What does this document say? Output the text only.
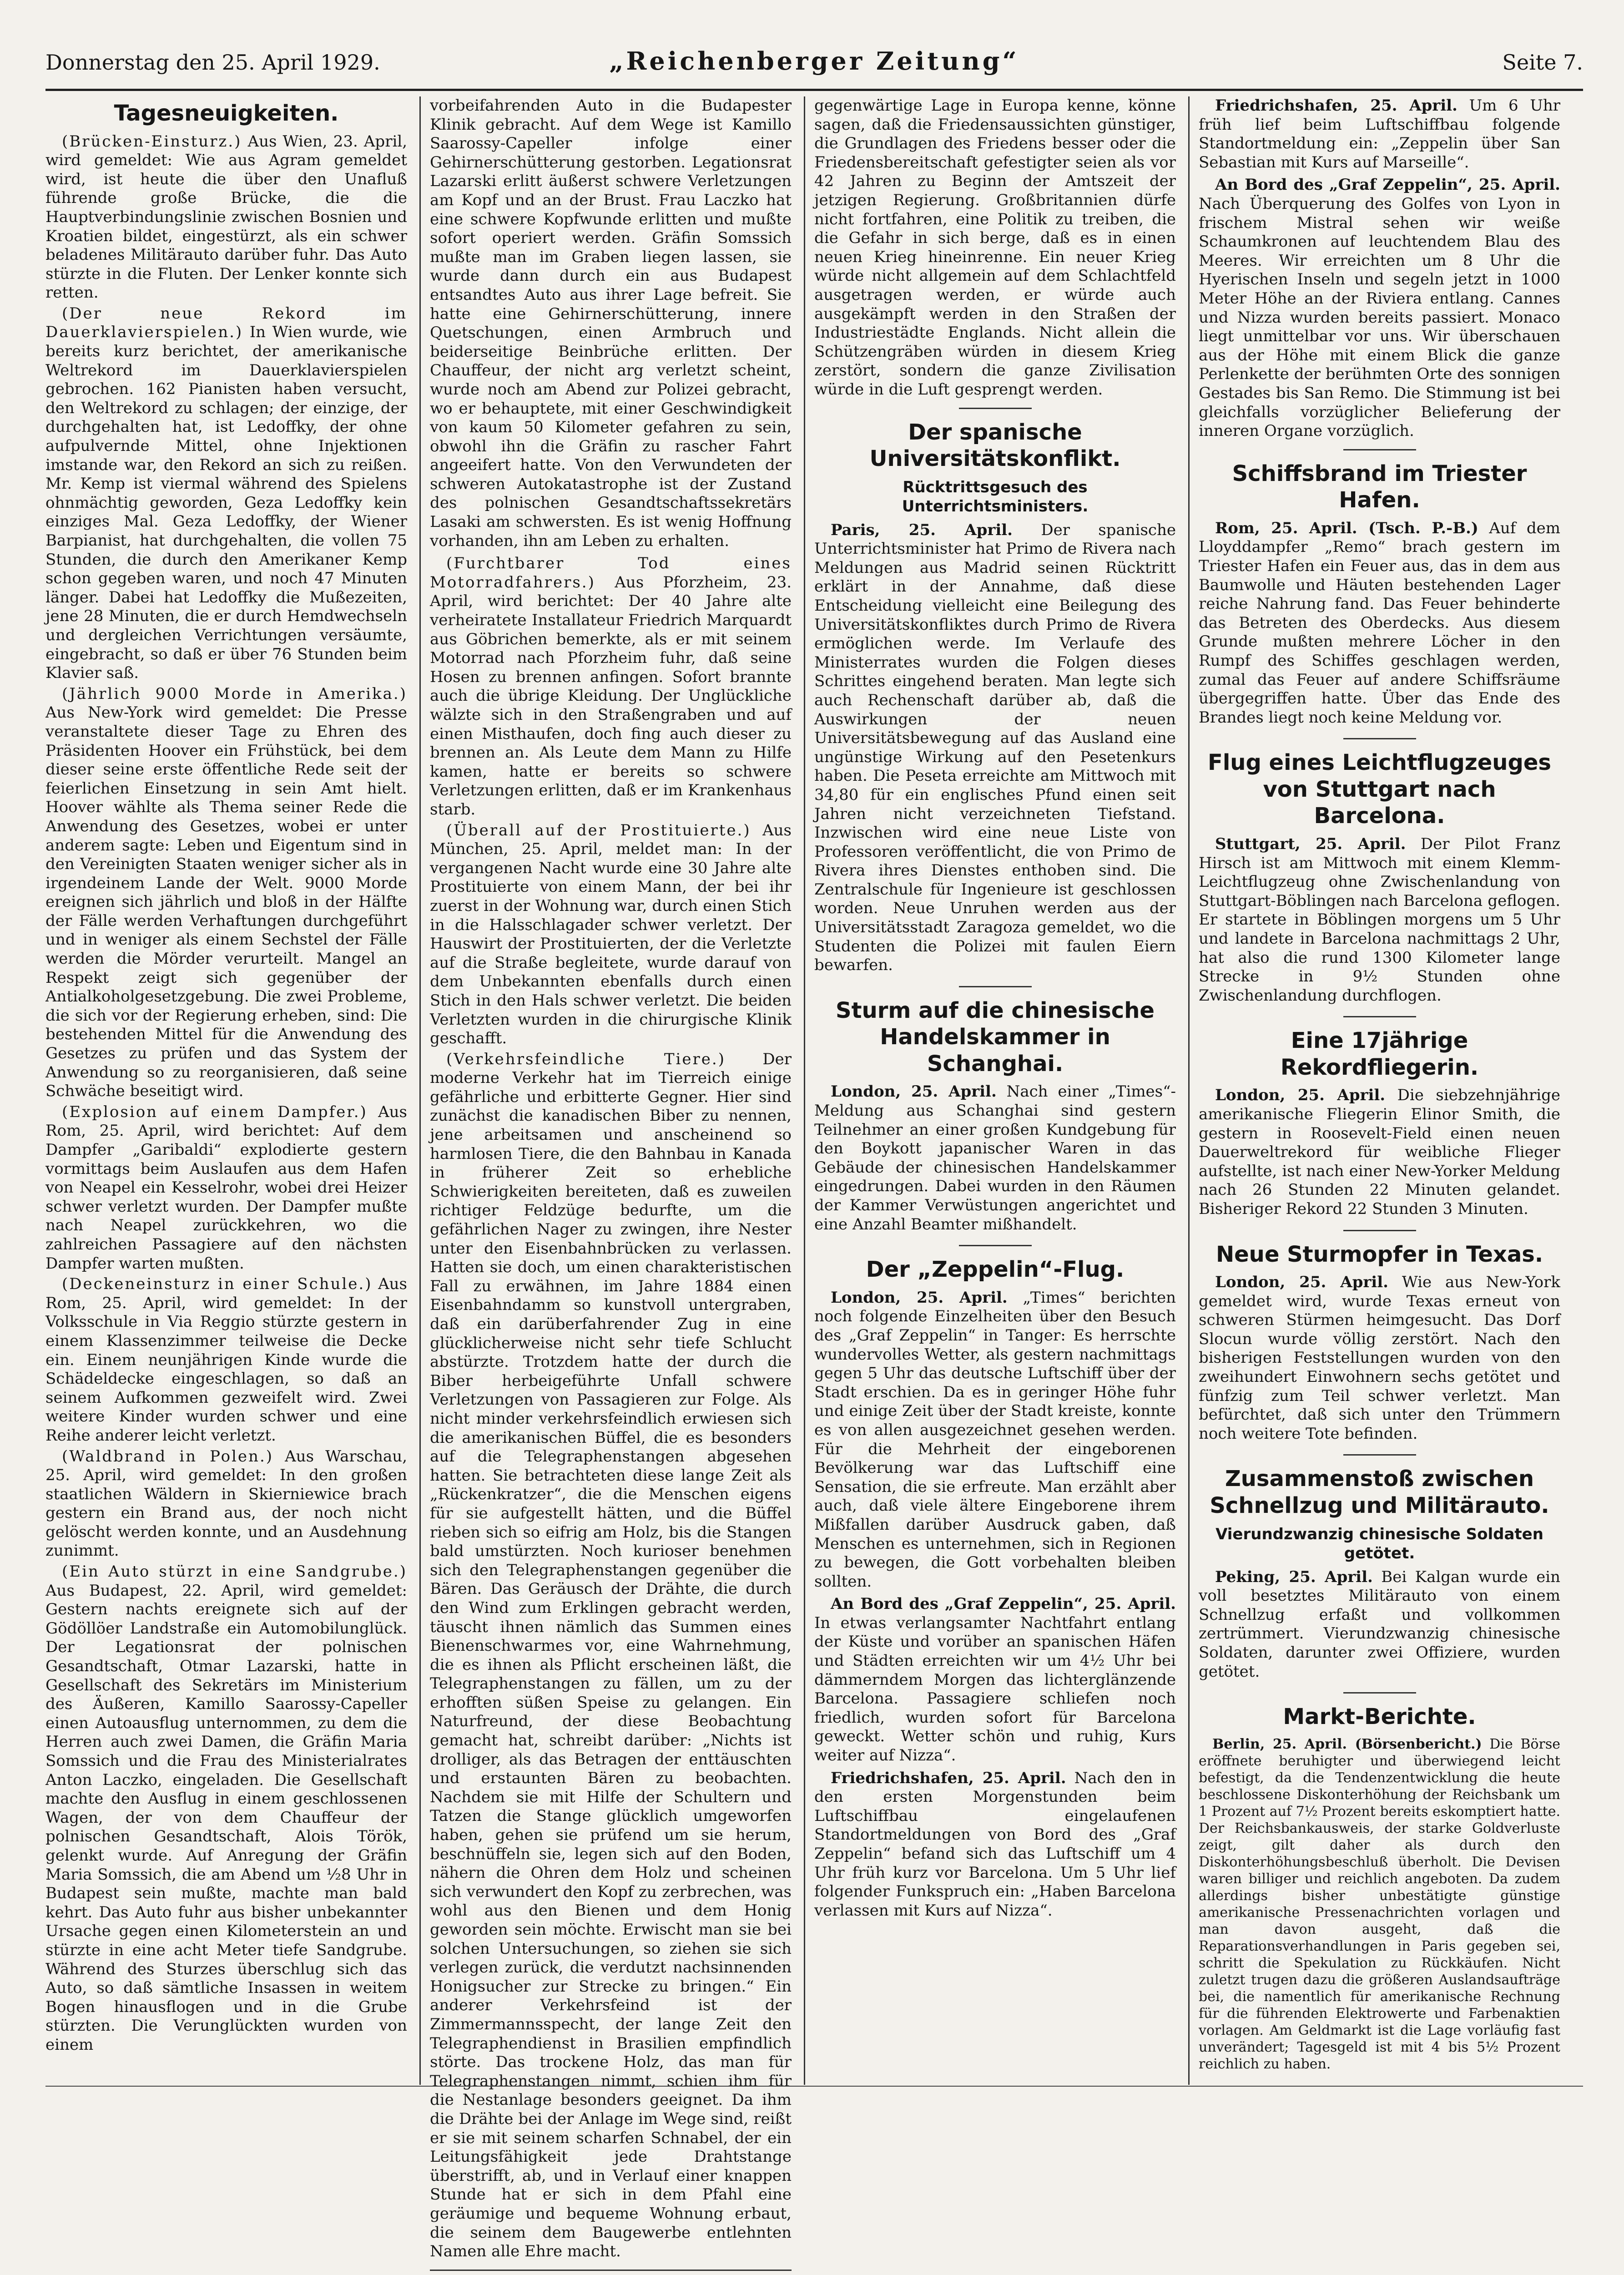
Donnerstag den 25. April 1929.	„Reichenberger Zeitung“	Seite 7.
Tagesneuigkeiten.

(Brücken-Einsturz.) Aus Wien, 23. April, wird gemeldet: Wie aus Agram gemeldet wird, ist heute die über den Unafluß führende große Brücke, die die Hauptverbindungslinie zwischen Bosnien und Kroatien bildet, eingestürzt, als ein schwer beladenes Militärauto darüber fuhr. Das Auto stürzte in die Fluten. Der Lenker konnte sich retten.

(Der neue Rekord im Dauerklavierspielen.) In Wien wurde, wie bereits kurz berichtet, der amerikanische Weltrekord im Dauerklavierspielen gebrochen. 162 Pianisten haben versucht, den Weltrekord zu schlagen; der einzige, der durchgehalten hat, ist Ledoffky, der ohne aufpulvernde Mittel, ohne Injektionen imstande war, den Rekord an sich zu reißen. Mr. Kemp ist viermal während des Spielens ohnmächtig geworden, Geza Ledoffky kein einziges Mal. Geza Ledoffky, der Wiener Barpianist, hat durchgehalten, die vollen 75 Stunden, die durch den Amerikaner Kemp schon gegeben waren, und noch 47 Minuten länger. Dabei hat Ledoffky die Mußezeiten, jene 28 Minuten, die er durch Hemdwechseln und dergleichen Verrichtungen versäumte, eingebracht, so daß er über 76 Stunden beim Klavier saß.

(Jährlich 9000 Morde in Amerika.) Aus New-York wird gemeldet: Die Presse veranstaltete dieser Tage zu Ehren des Präsidenten Hoover ein Frühstück, bei dem dieser seine erste öffentliche Rede seit der feierlichen Einsetzung in sein Amt hielt. Hoover wählte als Thema seiner Rede die Anwendung des Gesetzes, wobei er unter anderem sagte: Leben und Eigentum sind in den Vereinigten Staaten weniger sicher als in irgendeinem Lande der Welt. 9000 Morde ereignen sich jährlich und bloß in der Hälfte der Fälle werden Verhaftungen durchgeführt und in weniger als einem Sechstel der Fälle werden die Mörder verurteilt. Mangel an Respekt zeigt sich gegenüber der Antialkoholgesetzgebung. Die zwei Probleme, die sich vor der Regierung erheben, sind: Die bestehenden Mittel für die Anwendung des Gesetzes zu prüfen und das System der Anwendung so zu reorganisieren, daß seine Schwäche beseitigt wird.

(Explosion auf einem Dampfer.) Aus Rom, 25. April, wird berichtet: Auf dem Dampfer „Garibaldi“ explodierte gestern vormittags beim Auslaufen aus dem Hafen von Neapel ein Kesselrohr, wobei drei Heizer schwer verletzt wurden. Der Dampfer mußte nach Neapel zurückkehren, wo die zahlreichen Passagiere auf den nächsten Dampfer warten mußten.

(Deckeneinsturz in einer Schule.) Aus Rom, 25. April, wird gemeldet: In der Volksschule in Via Reggio stürzte gestern in einem Klassenzimmer teilweise die Decke ein. Einem neunjährigen Kinde wurde die Schädeldecke eingeschlagen, so daß an seinem Aufkommen gezweifelt wird. Zwei weitere Kinder wurden schwer und eine Reihe anderer leicht verletzt.

(Waldbrand in Polen.) Aus Warschau, 25. April, wird gemeldet: In den großen staatlichen Wäldern in Skierniewice brach gestern ein Brand aus, der noch nicht gelöscht werden konnte, und an Ausdehnung zunimmt.

(Ein Auto stürzt in eine Sandgrube.) Aus Budapest, 22. April, wird gemeldet: Gestern nachts ereignete sich auf der Gödöllöer Landstraße ein Automobilunglück. Der Legationsrat der polnischen Gesandtschaft, Otmar Lazarski, hatte in Gesellschaft des Sekretärs im Ministerium des Äußeren, Kamillo Saarossy-Capeller einen Autoausflug unternommen, zu dem die Herren auch zwei Damen, die Gräfin Maria Somssich und die Frau des Ministerialrates Anton Laczko, eingeladen. Die Gesellschaft machte den Ausflug in einem geschlossenen Wagen, der von dem Chauffeur der polnischen Gesandtschaft, Alois Török, gelenkt wurde. Auf Anregung der Gräfin Maria Somssich, die am Abend um ½8 Uhr in Budapest sein mußte, machte man bald kehrt. Das Auto fuhr aus bisher unbekannter Ursache gegen einen Kilometerstein an und stürzte in eine acht Meter tiefe Sandgrube. Während des Sturzes überschlug sich das Auto, so daß sämtliche Insassen in weitem Bogen hinausflogen und in die Grube stürzten. Die Verunglückten wurden von einem

vorbeifahrenden Auto in die Budapester Klinik gebracht. Auf dem Wege ist Kamillo Saarossy-Capeller infolge einer Gehirnerschütterung gestorben. Legationsrat Lazarski erlitt äußerst schwere Verletzungen am Kopf und an der Brust. Frau Laczko hat eine schwere Kopfwunde erlitten und mußte sofort operiert werden. Gräfin Somssich mußte man im Graben liegen lassen, sie wurde dann durch ein aus Budapest entsandtes Auto aus ihrer Lage befreit. Sie hatte eine Gehirnerschütterung, innere Quetschungen, einen Armbruch und beiderseitige Beinbrüche erlitten. Der Chauffeur, der nicht arg verletzt scheint, wurde noch am Abend zur Polizei gebracht, wo er behauptete, mit einer Geschwindigkeit von kaum 50 Kilometer gefahren zu sein, obwohl ihn die Gräfin zu rascher Fahrt angeeifert hatte. Von den Verwundeten der schweren Autokatastrophe ist der Zustand des polnischen Gesandtschaftssekretärs Lasaki am schwersten. Es ist wenig Hoffnung vorhanden, ihn am Leben zu erhalten.

(Furchtbarer Tod eines Motorradfahrers.) Aus Pforzheim, 23. April, wird berichtet: Der 40 Jahre alte verheiratete Installateur Friedrich Marquardt aus Göbrichen bemerkte, als er mit seinem Motorrad nach Pforzheim fuhr, daß seine Hosen zu brennen anfingen. Sofort brannte auch die übrige Kleidung. Der Unglückliche wälzte sich in den Straßengraben und auf einen Misthaufen, doch fing auch dieser zu brennen an. Als Leute dem Mann zu Hilfe kamen, hatte er bereits so schwere Verletzungen erlitten, daß er im Krankenhaus starb.

(Überall auf der Prostituierte.) Aus München, 25. April, meldet man: In der vergangenen Nacht wurde eine 30 Jahre alte Prostituierte von einem Mann, der bei ihr zuerst in der Wohnung war, durch einen Stich in die Halsschlagader schwer verletzt. Der Hauswirt der Prostituierten, der die Verletzte auf die Straße begleitete, wurde darauf von dem Unbekannten ebenfalls durch einen Stich in den Hals schwer verletzt. Die beiden Verletzten wurden in die chirurgische Klinik geschafft.

(Verkehrsfeindliche Tiere.) Der moderne Verkehr hat im Tierreich einige gefährliche und erbitterte Gegner. Hier sind zunächst die kanadischen Biber zu nennen, jene arbeitsamen und anscheinend so harmlosen Tiere, die den Bahnbau in Kanada in früherer Zeit so erhebliche Schwierigkeiten bereiteten, daß es zuweilen richtiger Feldzüge bedurfte, um die gefährlichen Nager zu zwingen, ihre Nester unter den Eisenbahnbrücken zu verlassen. Hatten sie doch, um einen charakteristischen Fall zu erwähnen, im Jahre 1884 einen Eisenbahndamm so kunstvoll untergraben, daß ein darüberfahrender Zug in eine glücklicherweise nicht sehr tiefe Schlucht abstürzte. Trotzdem hatte der durch die Biber herbeigeführte Unfall schwere Verletzungen von Passagieren zur Folge. Als nicht minder verkehrsfeindlich erwiesen sich die amerikanischen Büffel, die es besonders auf die Telegraphenstangen abgesehen hatten. Sie betrachteten diese lange Zeit als „Rückenkratzer“, die die Menschen eigens für sie aufgestellt hätten, und die Büffel rieben sich so eifrig am Holz, bis die Stangen bald umstürzten. Noch kurioser benehmen sich den Telegraphenstangen gegenüber die Bären. Das Geräusch der Drähte, die durch den Wind zum Erklingen gebracht werden, täuscht ihnen nämlich das Summen eines Bienenschwarmes vor, eine Wahrnehmung, die es ihnen als Pflicht erscheinen läßt, die Telegraphenstangen zu fällen, um zu der erhofften süßen Speise zu gelangen. Ein Naturfreund, der diese Beobachtung gemacht hat, schreibt darüber: „Nichts ist drolliger, als das Betragen der enttäuschten und erstaunten Bären zu beobachten. Nachdem sie mit Hilfe der Schultern und Tatzen die Stange glücklich umgeworfen haben, gehen sie prüfend um sie herum, beschnüffeln sie, legen sich auf den Boden, nähern die Ohren dem Holz und scheinen sich verwundert den Kopf zu zerbrechen, was wohl aus den Bienen und dem Honig geworden sein möchte. Erwischt man sie bei solchen Untersuchungen, so ziehen sie sich verlegen zurück, die verdutzt nachsinnenden Honigsucher zur Strecke zu bringen.“ Ein anderer Verkehrsfeind ist der Zimmermannsspecht, der lange Zeit den Telegraphendienst in Brasilien empfindlich störte. Das trockene Holz, das man für Telegraphenstangen nimmt, schien ihm für die Nestanlage besonders geeignet. Da ihm die Drähte bei der Anlage im Wege sind, reißt er sie mit seinem scharfen Schnabel, der ein Leitungsfähigkeit jede Drahtstange überstrifft, ab, und in Verlauf einer knappen Stunde hat er sich in dem Pfahl eine geräumige und bequeme Wohnung erbaut, die seinem dem Baugewerbe entlehnten Namen alle Ehre macht.

gegenwärtige Lage in Europa kenne, könne sagen, daß die Friedensaussichten günstiger, die Grundlagen des Friedens besser oder die Friedensbereitschaft gefestigter seien als vor 42 Jahren zu Beginn der Amtszeit der jetzigen Regierung. Großbritannien dürfe nicht fortfahren, eine Politik zu treiben, die die Gefahr in sich berge, daß es in einen neuen Krieg hineinrenne. Ein neuer Krieg würde nicht allgemein auf dem Schlachtfeld ausgetragen werden, er würde auch ausgekämpft werden in den Straßen der Industriestädte Englands. Nicht allein die Schützengräben würden in diesem Krieg zerstört, sondern die ganze Zivilisation würde in die Luft gesprengt werden.

Der spanische Universitätskonflikt.
Rücktrittsgesuch des Unterrichtsministers.

Paris, 25. April. Der spanische Unterrichtsminister hat Primo de Rivera nach Meldungen aus Madrid seinen Rücktritt erklärt in der Annahme, daß diese Entscheidung vielleicht eine Beilegung des Universitätskonfliktes durch Primo de Rivera ermöglichen werde. Im Verlaufe des Ministerrates wurden die Folgen dieses Schrittes eingehend beraten. Man legte sich auch Rechenschaft darüber ab, daß die Auswirkungen der neuen Universitätsbewegung auf das Ausland eine ungünstige Wirkung auf den Pesetenkurs haben. Die Peseta erreichte am Mittwoch mit 34,80 für ein englisches Pfund einen seit Jahren nicht verzeichneten Tiefstand. Inzwischen wird eine neue Liste von Professoren veröffentlicht, die von Primo de Rivera ihres Dienstes enthoben sind. Die Zentralschule für Ingenieure ist geschlossen worden. Neue Unruhen werden aus der Universitätsstadt Zaragoza gemeldet, wo die Studenten die Polizei mit faulen Eiern bewarfen.

Sturm auf die chinesische Handelskammer in Schanghai.

London, 25. April. Nach einer „Times“-Meldung aus Schanghai sind gestern Teilnehmer an einer großen Kundgebung für den Boykott japanischer Waren in das Gebäude der chinesischen Handelskammer eingedrungen. Dabei wurden in den Räumen der Kammer Verwüstungen angerichtet und eine Anzahl Beamter mißhandelt.

Der „Zeppelin“-Flug.

London, 25. April. „Times“ berichten noch folgende Einzelheiten über den Besuch des „Graf Zeppelin“ in Tanger: Es herrschte wundervolles Wetter, als gestern nachmittags gegen 5 Uhr das deutsche Luftschiff über der Stadt erschien. Da es in geringer Höhe fuhr und einige Zeit über der Stadt kreiste, konnte es von allen ausgezeichnet gesehen werden. Für die Mehrheit der eingeborenen Bevölkerung war das Luftschiff eine Sensation, die sie erfreute. Man erzählt aber auch, daß viele ältere Eingeborene ihrem Mißfallen darüber Ausdruck gaben, daß Menschen es unternehmen, sich in Regionen zu bewegen, die Gott vorbehalten bleiben sollten.

An Bord des „Graf Zeppelin“, 25. April. In etwas verlangsamter Nachtfahrt entlang der Küste und vorüber an spanischen Häfen und Städten erreichten wir um 4½ Uhr bei dämmerndem Morgen das lichterglänzende Barcelona. Passagiere schliefen noch friedlich, wurden sofort für Barcelona geweckt. Wetter schön und ruhig, Kurs weiter auf Nizza“.

Friedrichshafen, 25. April. Nach den in den ersten Morgenstunden beim Luftschiffbau eingelaufenen Standortmeldungen von Bord des „Graf Zeppelin“ befand sich das Luftschiff um 4 Uhr früh kurz vor Barcelona. Um 5 Uhr lief folgender Funkspruch ein: „Haben Barcelona verlassen mit Kurs auf Nizza“.

Friedrichshafen, 25. April. Um 6 Uhr früh lief beim Luftschiffbau folgende Standortmeldung ein: „Zeppelin über San Sebastian mit Kurs auf Marseille“.

An Bord des „Graf Zeppelin“, 25. April. Nach Überquerung des Golfes von Lyon in frischem Mistral sehen wir weiße Schaumkronen auf leuchtendem Blau des Meeres. Wir erreichten um 8 Uhr die Hyerischen Inseln und segeln jetzt in 1000 Meter Höhe an der Riviera entlang. Cannes und Nizza wurden bereits passiert. Monaco liegt unmittelbar vor uns. Wir überschauen aus der Höhe mit einem Blick die ganze Perlenkette der berühmten Orte des sonnigen Gestades bis San Remo. Die Stimmung ist bei gleichfalls vorzüglicher Belieferung der inneren Organe vorzüglich.

Schiffsbrand im Triester Hafen.

Rom, 25. April. (Tsch. P.-B.) Auf dem Lloyddampfer „Remo“ brach gestern im Triester Hafen ein Feuer aus, das in dem aus Baumwolle und Häuten bestehenden Lager reiche Nahrung fand. Das Feuer behinderte das Betreten des Oberdecks. Aus diesem Grunde mußten mehrere Löcher in den Rumpf des Schiffes geschlagen werden, zumal das Feuer auf andere Schiffsräume übergegriffen hatte. Über das Ende des Brandes liegt noch keine Meldung vor.

Flug eines Leichtflugzeuges von Stuttgart nach Barcelona.

Stuttgart, 25. April. Der Pilot Franz Hirsch ist am Mittwoch mit einem Klemm-Leichtflugzeug ohne Zwischenlandung von Stuttgart-Böblingen nach Barcelona geflogen. Er startete in Böblingen morgens um 5 Uhr und landete in Barcelona nachmittags 2 Uhr, hat also die rund 1300 Kilometer lange Strecke in 9½ Stunden ohne Zwischenlandung durchflogen.

Eine 17jährige Rekordfliegerin.

London, 25. April. Die siebzehnjährige amerikanische Fliegerin Elinor Smith, die gestern in Roosevelt-Field einen neuen Dauerweltrekord für weibliche Flieger aufstellte, ist nach einer New-Yorker Meldung nach 26 Stunden 22 Minuten gelandet. Bisheriger Rekord 22 Stunden 3 Minuten.

Neue Sturmopfer in Texas.

London, 25. April. Wie aus New-York gemeldet wird, wurde Texas erneut von schweren Stürmen heimgesucht. Das Dorf Slocun wurde völlig zerstört. Nach den bisherigen Feststellungen wurden von den zweihundert Einwohnern sechs getötet und fünfzig zum Teil schwer verletzt. Man befürchtet, daß sich unter den Trümmern noch weitere Tote befinden.

Zusammenstoß zwischen Schnellzug und Militärauto.
Vierundzwanzig chinesische Soldaten getötet.

Peking, 25. April. Bei Kalgan wurde ein voll besetztes Militärauto von einem Schnellzug erfaßt und vollkommen zertrümmert. Vierundzwanzig chinesische Soldaten, darunter zwei Offiziere, wurden getötet.

Markt-Berichte.

Berlin, 25. April. (Börsenbericht.) Die Börse eröffnete beruhigter und überwiegend leicht befestigt, da die Tendenzentwicklung die heute beschlossene Diskonterhöhung der Reichsbank um 1 Prozent auf 7½ Prozent bereits eskomptiert hatte. Der Reichsbankausweis, der starke Goldverluste zeigt, gilt daher als durch den Diskonterhöhungsbeschluß überholt. Die Devisen waren billiger und reichlich angeboten. Da zudem allerdings bisher unbestätigte günstige amerikanische Pressenachrichten vorlagen und man davon ausgeht, daß die Reparationsverhandlungen in Paris gegeben sei, schritt die Spekulation zu Rückkäufen. Nicht zuletzt trugen dazu die größeren Auslandsaufträge bei, die namentlich für amerikanische Rechnung für die führenden Elektrowerte und Farbenaktien vorlagen. Am Geldmarkt ist die Lage vorläufig fast unverändert; Tagesgeld ist mit 4 bis 5½ Prozent reichlich zu haben.
